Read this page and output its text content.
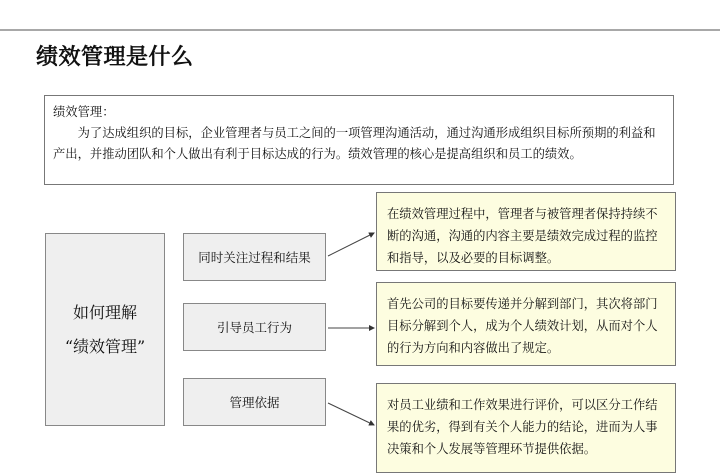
绩效管理是什么
绩效管理：
为了达成组织的目标，企业管理者与员工之间的一项管理沟通活动，通过沟通形成组织目标所预期的利益和产出，并推动团队和个人做出有利于目标达成的行为。绩效管理的核心是提高组织和员工的绩效。
如何理解
“绩效管理”
同时关注过程和结果
引导员工行为
管理依据
在绩效管理过程中，管理者与被管理者保持持续不断的沟通，沟通的内容主要是绩效完成过程的监控和指导，以及必要的目标调整。
首先公司的目标要传递并分解到部门，其次将部门目标分解到个人，成为个人绩效计划，从而对个人的行为方向和内容做出了规定。
对员工业绩和工作效果进行评价，可以区分工作结果的优劣，得到有关个人能力的结论，进而为人事决策和个人发展等管理环节提供依据。
